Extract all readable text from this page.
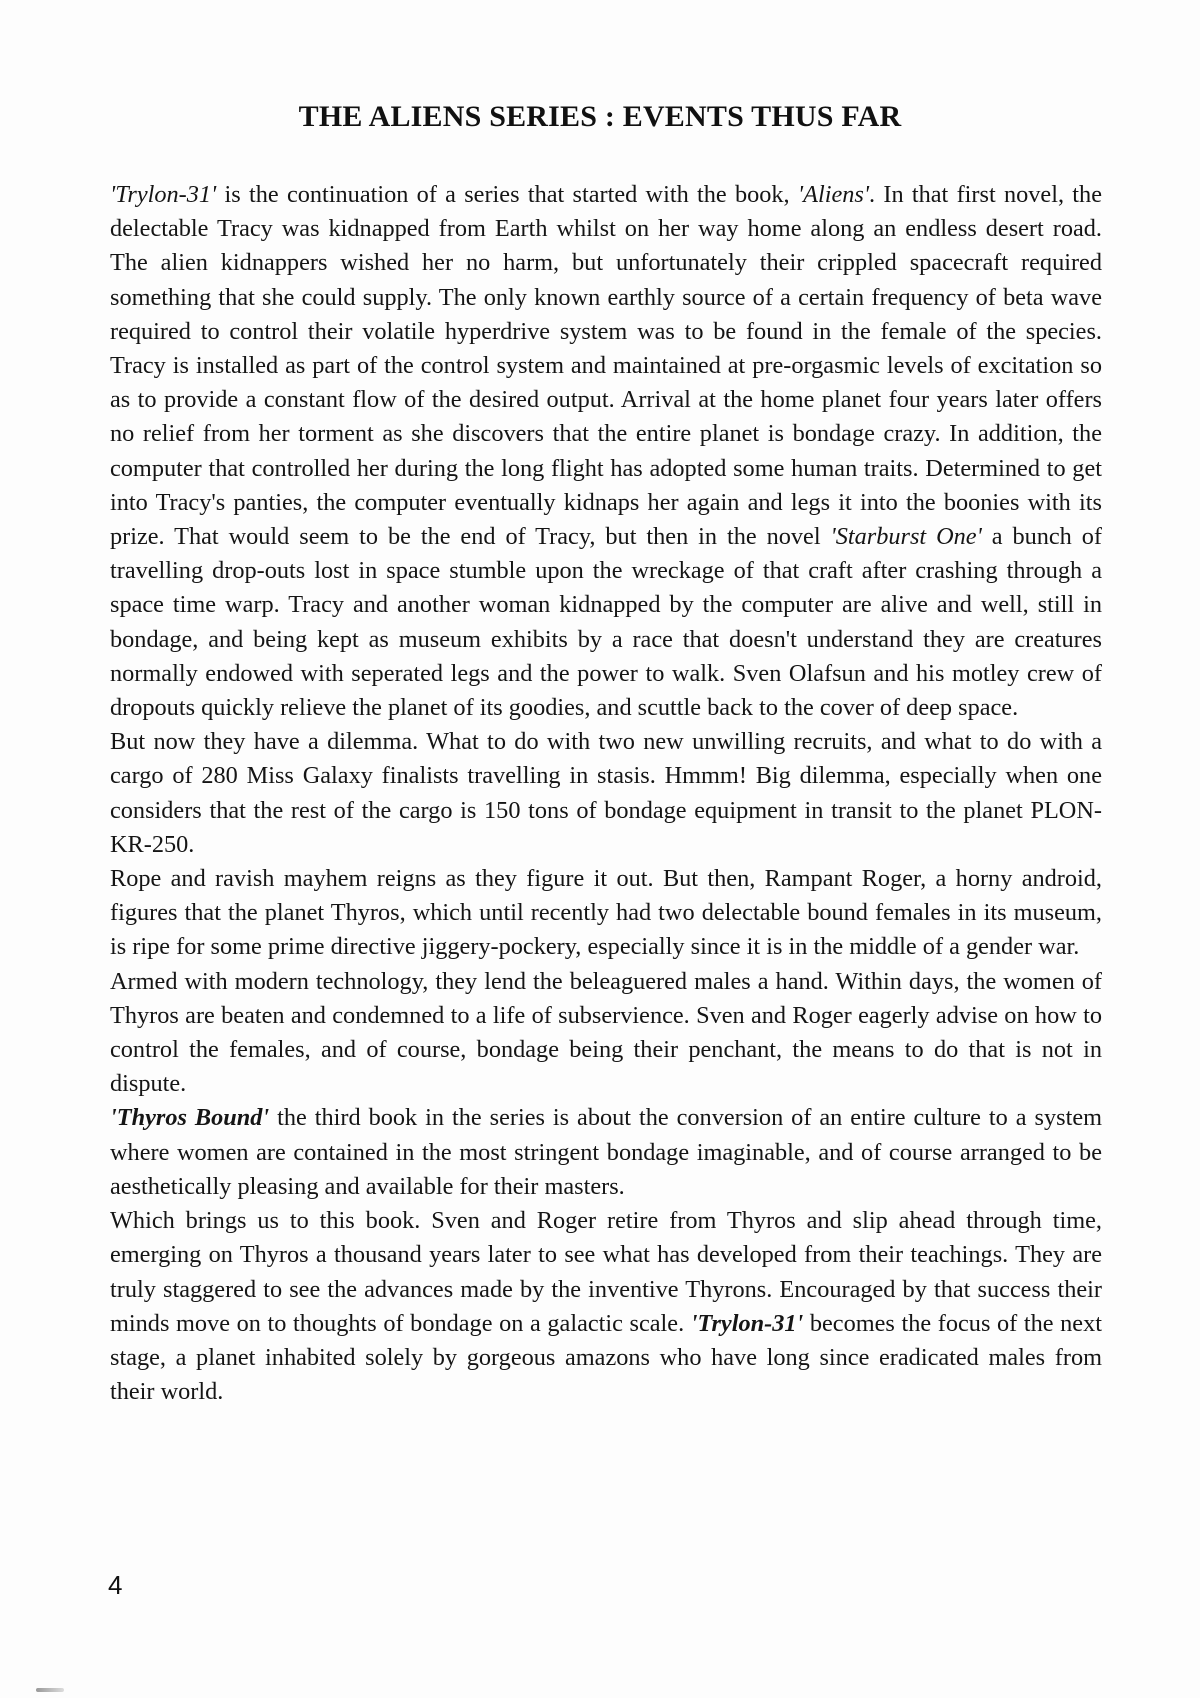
THE ALIENS SERIES : EVENTS THUS FAR

'Trylon-31' is the continuation of a series that started with the book, 'Aliens'. In that first novel, the delectable Tracy was kidnapped from Earth whilst on her way home along an endless desert road. The alien kidnappers wished her no harm, but unfortunately their crippled spacecraft required something that she could supply. The only known earthly source of a certain frequency of beta wave required to control their volatile hyperdrive system was to be found in the female of the species. Tracy is installed as part of the control system and maintained at pre-orgasmic levels of excitation so as to provide a constant flow of the desired output. Arrival at the home planet four years later offers no relief from her torment as she discovers that the entire planet is bondage crazy. In addition, the computer that controlled her during the long flight has adopted some human traits. Determined to get into Tracy's panties, the computer eventually kidnaps her again and legs it into the boonies with its prize. That would seem to be the end of Tracy, but then in the novel 'Starburst One' a bunch of travelling drop-outs lost in space stumble upon the wreckage of that craft after crashing through a space time warp. Tracy and another woman kidnapped by the computer are alive and well, still in bondage, and being kept as museum exhibits by a race that doesn't understand they are creatures normally endowed with seperated legs and the power to walk. Sven Olafsun and his motley crew of dropouts quickly relieve the planet of its goodies, and scuttle back to the cover of deep space.

But now they have a dilemma. What to do with two new unwilling recruits, and what to do with a cargo of 280 Miss Galaxy finalists travelling in stasis. Hmmm! Big dilemma, especially when one considers that the rest of the cargo is 150 tons of bondage equipment in transit to the planet PLON-KR-250.

Rope and ravish mayhem reigns as they figure it out. But then, Rampant Roger, a horny android, figures that the planet Thyros, which until recently had two delectable bound females in its museum, is ripe for some prime directive jiggery-pockery, especially since it is in the middle of a gender war.

Armed with modern technology, they lend the beleaguered males a hand. Within days, the women of Thyros are beaten and condemned to a life of subservience. Sven and Roger eagerly advise on how to control the females, and of course, bondage being their penchant, the means to do that is not in dispute.

'Thyros Bound' the third book in the series is about the conversion of an entire culture to a system where women are contained in the most stringent bondage imaginable, and of course arranged to be aesthetically pleasing and available for their masters.

Which brings us to this book. Sven and Roger retire from Thyros and slip ahead through time, emerging on Thyros a thousand years later to see what has developed from their teachings. They are truly staggered to see the advances made by the inventive Thyrons. Encouraged by that success their minds move on to thoughts of bondage on a galactic scale. 'Trylon-31' becomes the focus of the next stage, a planet inhabited solely by gorgeous amazons who have long since eradicated males from their world.

4
